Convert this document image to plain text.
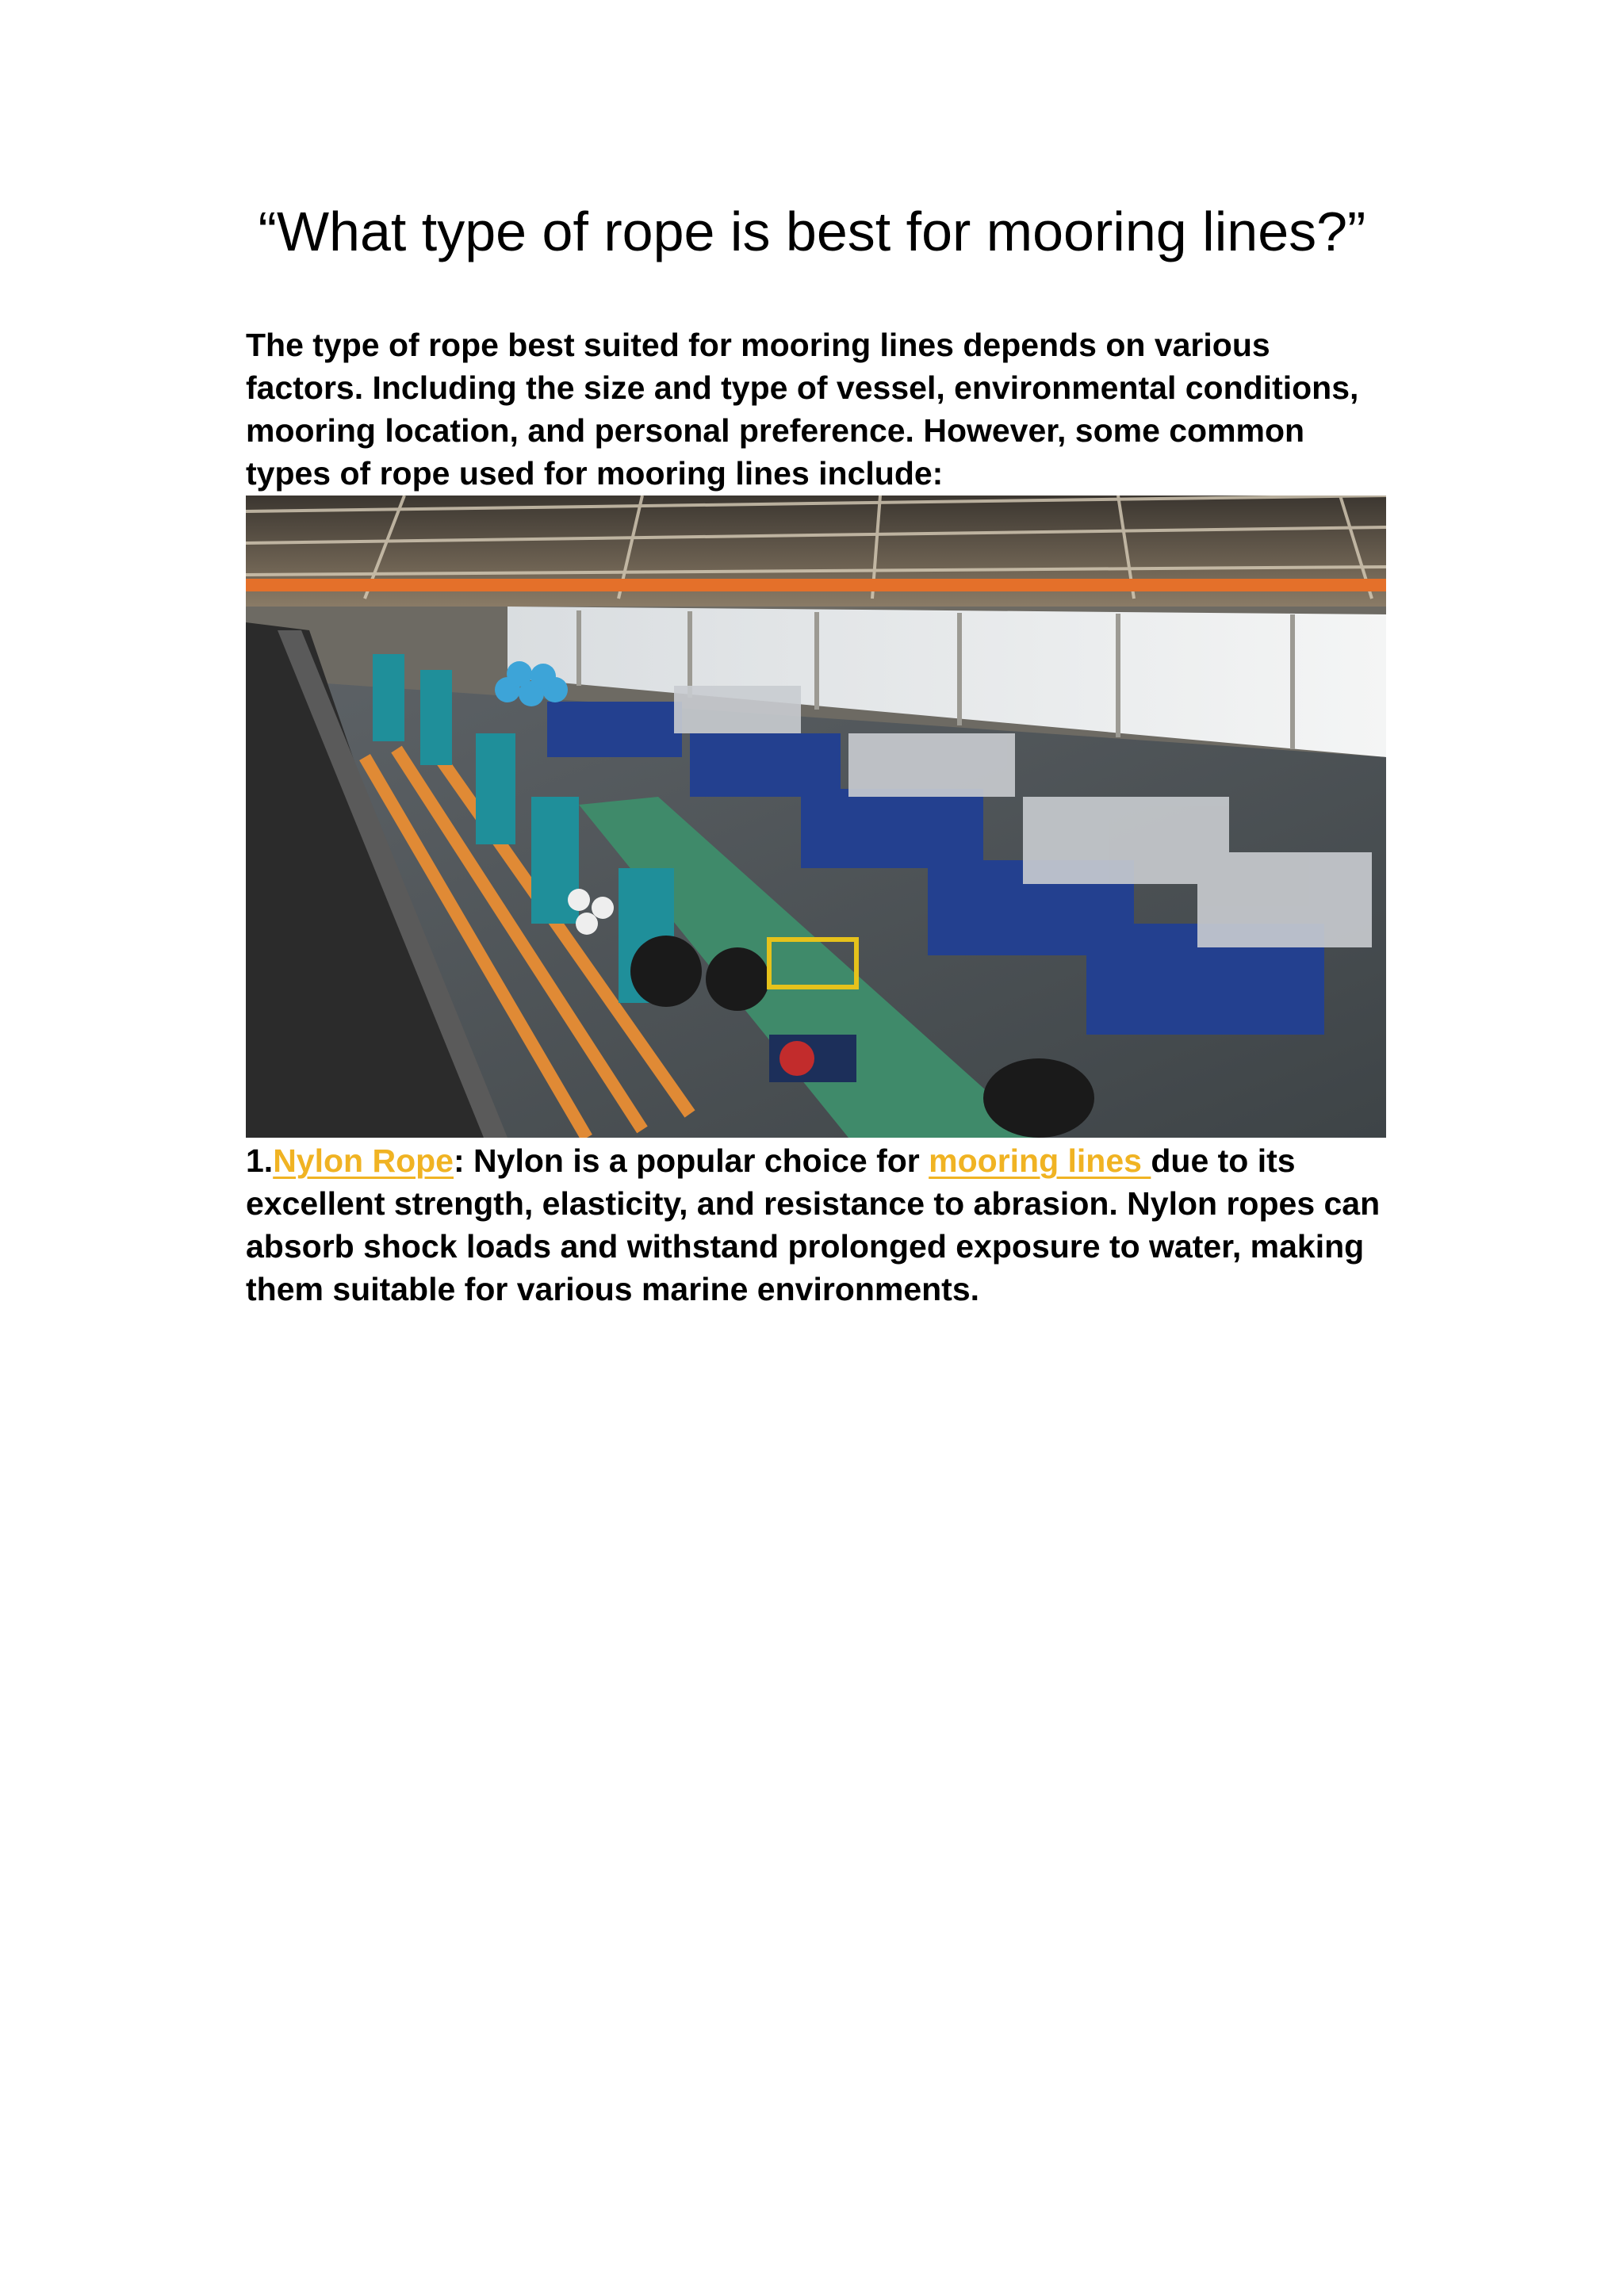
“What type of rope is best for mooring lines?”

The type of rope best suited for mooring lines depends on various factors. Including the size and type of vessel, environmental conditions, mooring location, and personal preference. However, some common types of rope used for mooring lines include:

1.Nylon Rope: Nylon is a popular choice for mooring lines due to its excellent strength, elasticity, and resistance to abrasion. Nylon ropes can absorb shock loads and withstand prolonged exposure to water, making them suitable for various marine environments.
